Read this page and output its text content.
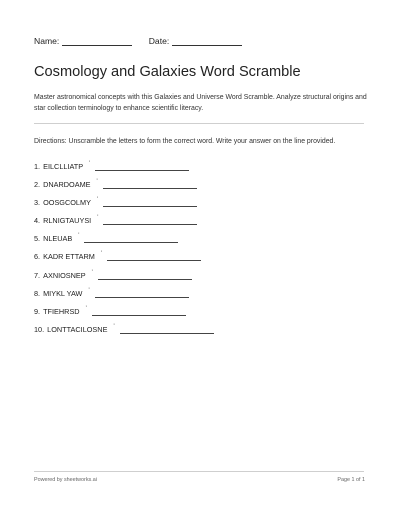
Name:	Date:
Cosmology and Galaxies Word Scramble
Master astronomical concepts with this Galaxies and Universe Word Scramble. Analyze structural origins and star collection terminology to enhance scientific literacy.
Directions: Unscramble the letters to form the correct word. Write your answer on the line provided.
1. EILCLLIATP '
2. DNARDOAME '
3. OOSGCOLMY '
4. RLNIGTAUYSI '
5. NLEUAB '
6. KADR ETTARM '
7. AXNIOSNEP '
8. MIYKL YAW '
9. TFIEHRSD '
10. LONTTACILOSNE '
Powered by sheetworks.ai	Page 1 of 1
